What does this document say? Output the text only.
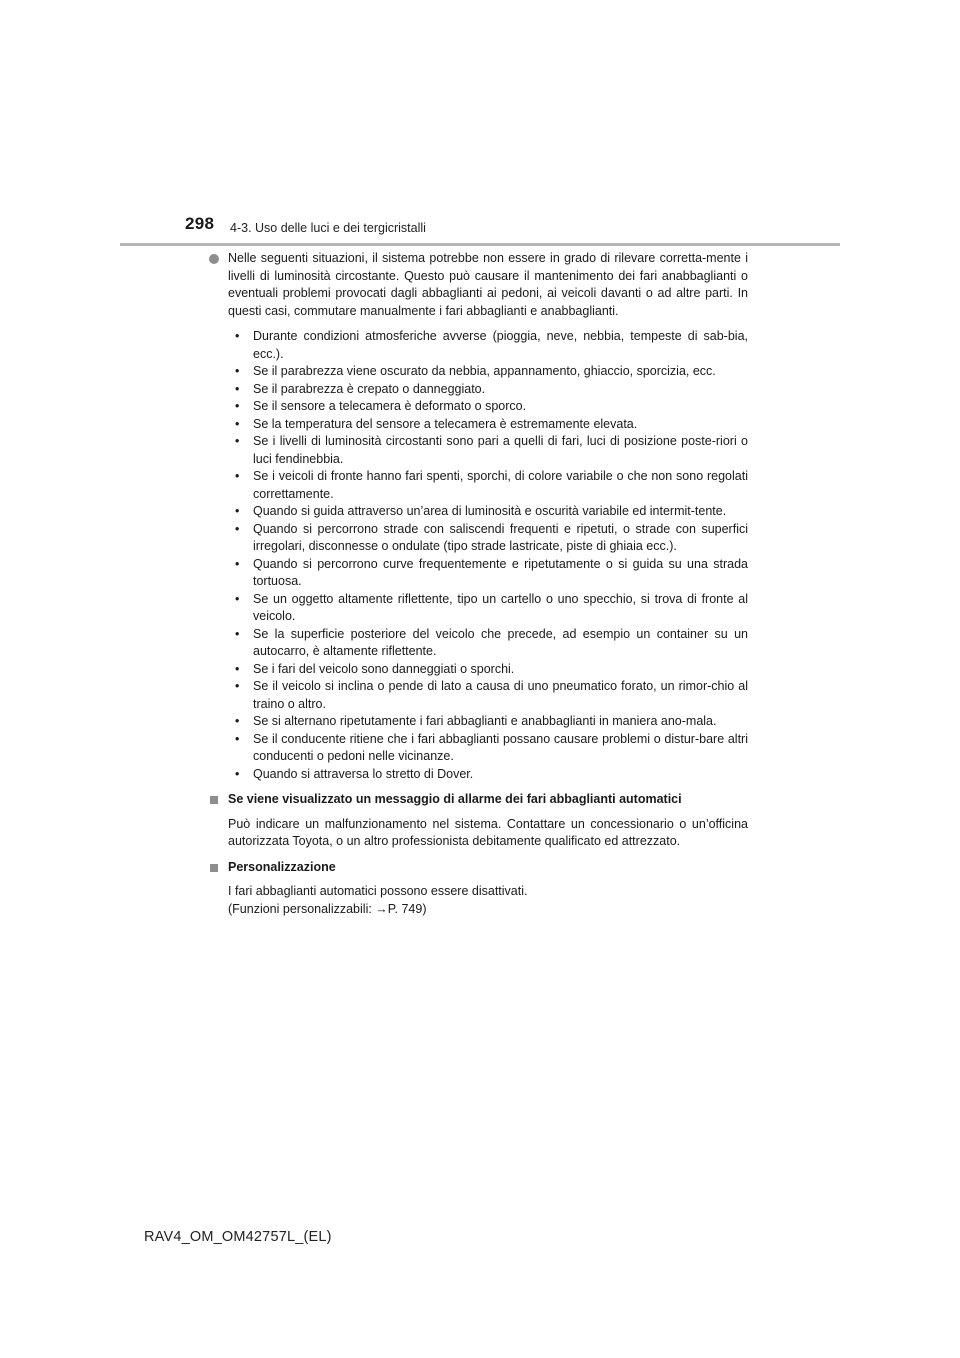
298 4-3. Uso delle luci e dei tergicristalli
Nelle seguenti situazioni, il sistema potrebbe non essere in grado di rilevare corretta-mente i livelli di luminosità circostante. Questo può causare il mantenimento dei fari anabbaglianti o eventuali problemi provocati dagli abbaglianti ai pedoni, ai veicoli davanti o ad altre parti. In questi casi, commutare manualmente i fari abbaglianti e anabbaglianti.
• Durante condizioni atmosferiche avverse (pioggia, neve, nebbia, tempeste di sab-bia, ecc.).
• Se il parabrezza viene oscurato da nebbia, appannamento, ghiaccio, sporcizia, ecc.
• Se il parabrezza è crepato o danneggiato.
• Se il sensore a telecamera è deformato o sporco.
• Se la temperatura del sensore a telecamera è estremamente elevata.
• Se i livelli di luminosità circostanti sono pari a quelli di fari, luci di posizione poste-riori o luci fendinebbia.
• Se i veicoli di fronte hanno fari spenti, sporchi, di colore variabile o che non sono regolati correttamente.
• Quando si guida attraverso un’area di luminosità e oscurità variabile ed intermit-tente.
• Quando si percorrono strade con saliscendi frequenti e ripetuti, o strade con superfici irregolari, disconnesse o ondulate (tipo strade lastricate, piste di ghiaia ecc.).
• Quando si percorrono curve frequentemente e ripetutamente o si guida su una strada tortuosa.
• Se un oggetto altamente riflettente, tipo un cartello o uno specchio, si trova di fronte al veicolo.
• Se la superficie posteriore del veicolo che precede, ad esempio un container su un autocarro, è altamente riflettente.
• Se i fari del veicolo sono danneggiati o sporchi.
• Se il veicolo si inclina o pende di lato a causa di uno pneumatico forato, un rimor-chio al traino o altro.
• Se si alternano ripetutamente i fari abbaglianti e anabbaglianti in maniera ano-mala.
• Se il conducente ritiene che i fari abbaglianti possano causare problemi o distur-bare altri conducenti o pedoni nelle vicinanze.
• Quando si attraversa lo stretto di Dover.
Se viene visualizzato un messaggio di allarme dei fari abbaglianti automatici

Può indicare un malfunzionamento nel sistema. Contattare un concessionario o un’officina autorizzata Toyota, o un altro professionista debitamente qualificato ed attrezzato.

Personalizzazione

I fari abbaglianti automatici possono essere disattivati.

(Funzioni personalizzabili: →P. 749)

RAV4_OM_OM42757L_(EL)
